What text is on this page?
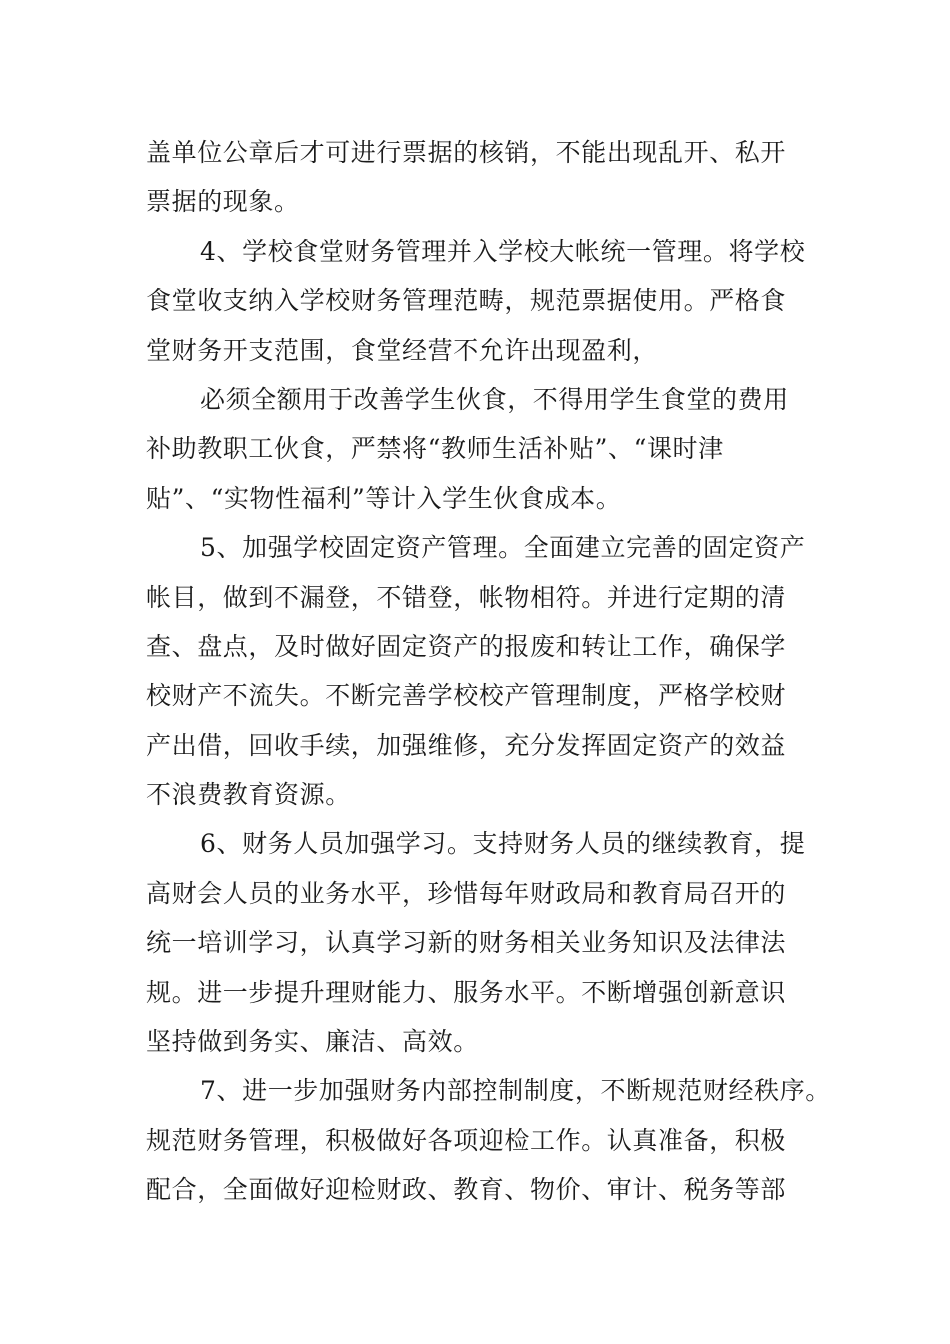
盖单位公章后才可进行票据的核销，不能出现乱开、私开
票据的现象。
4、学校食堂财务管理并入学校大帐统一管理。将学校
食堂收支纳入学校财务管理范畴，规范票据使用。严格食
堂财务开支范围，食堂经营不允许出现盈利，
必须全额用于改善学生伙食，不得用学生食堂的费用
补助教职工伙食，严禁将“教师生活补贴”、“课时津
贴”、“实物性福利”等计入学生伙食成本。
5、加强学校固定资产管理。全面建立完善的固定资产
帐目，做到不漏登，不错登，帐物相符。并进行定期的清
查、盘点，及时做好固定资产的报废和转让工作，确保学
校财产不流失。不断完善学校校产管理制度，严格学校财
产出借，回收手续，加强维修，充分发挥固定资产的效益
不浪费教育资源。
6、财务人员加强学习。支持财务人员的继续教育，提
高财会人员的业务水平，珍惜每年财政局和教育局召开的
统一培训学习，认真学习新的财务相关业务知识及法律法
规。进一步提升理财能力、服务水平。不断增强创新意识
坚持做到务实、廉洁、高效。
7、进一步加强财务内部控制制度，不断规范财经秩序。
规范财务管理，积极做好各项迎检工作。认真准备，积极
配合，全面做好迎检财政、教育、物价、审计、税务等部
